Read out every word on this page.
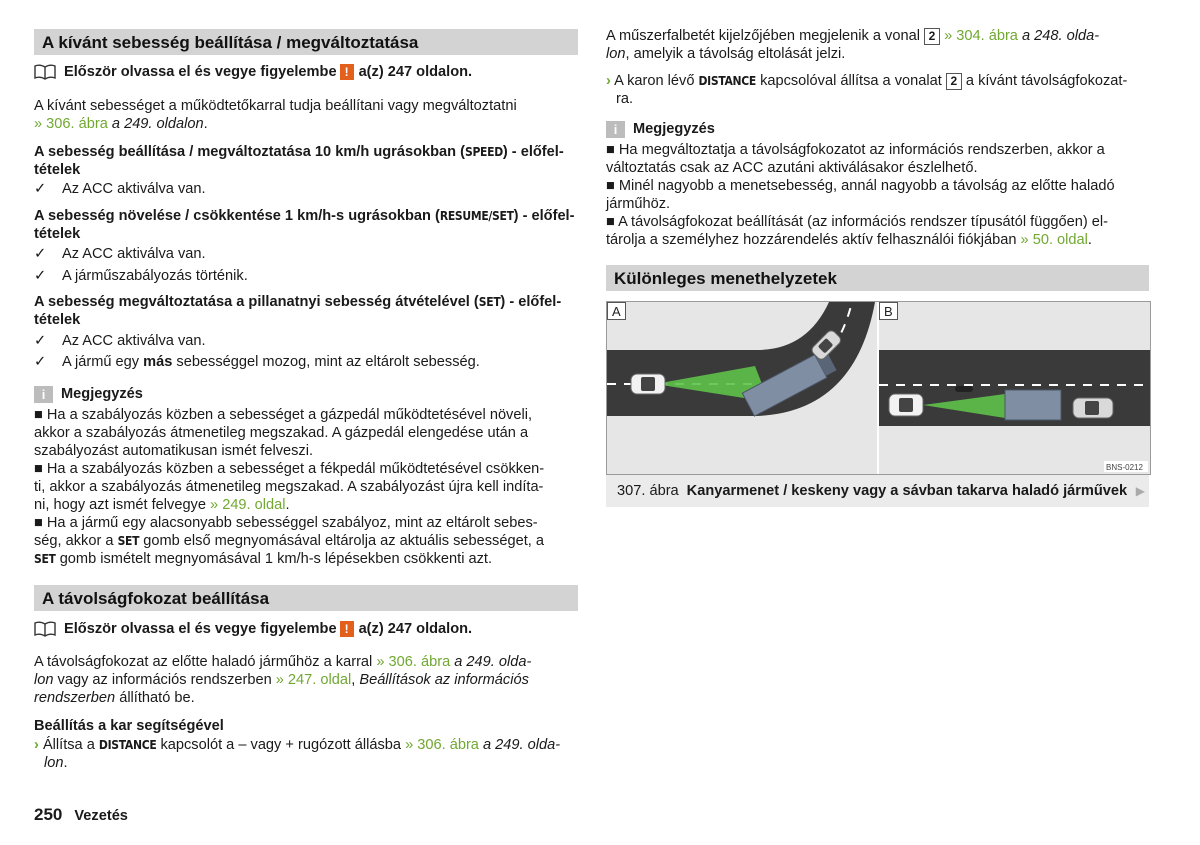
A kívánt sebesség beállítása / megváltoztatása
Először olvassa el és vegye figyelembe ! a(z) 247 oldalon.

A kívánt sebességet a működtetőkarral tudja beállítani vagy megváltoztatni
» 306. ábra a 249. oldalon.

A sebesség beállítása / megváltoztatása 10 km/h ugrásokban (SPEED) - előfel-
tételek

✓	Az ACC aktiválva van.

A sebesség növelése / csökkentése 1 km/h-s ugrásokban (RESUME/SET) - előfel-
tételek

✓	Az ACC aktiválva van.
✓	A járműszabályozás történik.

A sebesség megváltoztatása a pillanatnyi sebesség átvételével (SET) - előfel-
tételek

✓	Az ACC aktiválva van.
✓	A jármű egy más sebességgel mozog, mint az eltárolt sebesség.
i	Megjegyzés

■ Ha a szabályozás közben a sebességet a gázpedál működtetésével növeli,

akkor a szabályozás átmenetileg megszakad. A gázpedál elengedése után a

szabályozást automatikusan ismét felveszi.

■ Ha a szabályozás közben a sebességet a fékpedál működtetésével csökken-

ti, akkor a szabályozás átmenetileg megszakad. A szabályozást újra kell indíta-

ni, hogy azt ismét felvegye » 249. oldal.

■ Ha a jármű egy alacsonyabb sebességgel szabályoz, mint az eltárolt sebes-

ség, akkor a SET gomb első megnyomásával eltárolja az aktuális sebességet, a

SET gomb ismételt megnyomásával 1 km/h-s lépésekben csökkenti azt.

A távolságfokozat beállítása
Először olvassa el és vegye figyelembe ! a(z) 247 oldalon.

A távolságfokozat az előtte haladó járműhöz a karral » 306. ábra a 249. olda-

lon vagy az információs rendszerben » 247. oldal, Beállítások az információs

rendszerben állítható be.

Beállítás a kar segítségével

› Állítsa a DISTANCE kapcsolót a – vagy + rugózott állásba » 306. ábra a 249. olda-

lon.

A műszerfalbetét kijelzőjében megjelenik a vonal 2 » 304. ábra a 248. olda-

lon, amelyik a távolság eltolását jelzi.

› A karon lévő DISTANCE kapcsolóval állítsa a vonalat 2 a kívánt távolságfokozat-

ra.

i	Megjegyzés

■ Ha megváltoztatja a távolságfokozatot az információs rendszerben, akkor a

változtatás csak az ACC azutáni aktiválásakor észlelhető.

■ Minél nagyobb a menetsebesség, annál nagyobb a távolság az előtte haladó

járműhöz.

■ A távolságfokozat beállítását (az információs rendszer típusától függően) el-

tárolja a személyhez hozzárendelés aktív felhasználói fiókjában » 50. oldal.

Különleges menethelyzetek
A	B
BNS-0212
307. ábra Kanyarmenet / keskeny vagy a sávban takarva haladó járművek ▶
250 Vezetés
